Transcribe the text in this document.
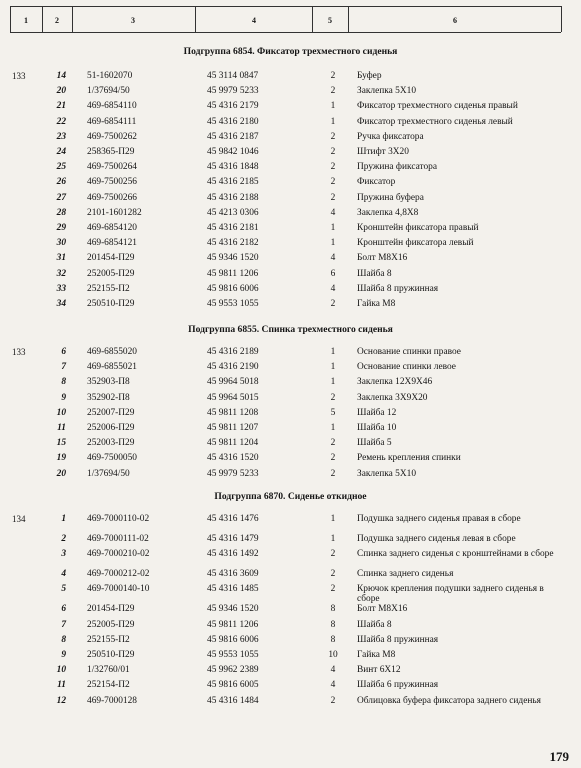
1	2	3	4	5	6
Подгруппа 6854. Фиксатор трехместного сиденья
133	14 51-1602070	45 3114 0847	2	Буфер
20 1/37694/50	45 9979 5233	2	Заклепка 5Х10
21 469-6854110	45 4316 2179	1	Фиксатор трехместного сиденья правый
22 469-6854111	45 4316 2180	1	Фиксатор трехместного сиденья левый
23 469-7500262	45 4316 2187	2	Ручка фиксатора
24 258365-П29	45 9842 1046	2	Штифт 3Х20
25 469-7500264	45 4316 1848	2	Пружина фиксатора
26 469-7500256	45 4316 2185	2	Фиксатор
27 469-7500266	45 4316 2188	2	Пружина буфера
28 2101-1601282	45 4213 0306	4	Заклепка 4,8Х8
29 469-6854120	45 4316 2181	1	Кронштейн фиксатора правый
30 469-6854121	45 4316 2182	1	Кронштейн фиксатора левый
31 201454-П29	45 9346 1520	4	Болт М8Х16
32 252005-П29	45 9811 1206	6	Шайба 8
33 252155-П2	45 9816 6006	4	Шайба 8 пружинная
34 250510-П29	45 9553 1055	2	Гайка М8
Подгруппа 6855. Спинка трехместного сиденья
133	6 469-6855020	45 4316 2189	1	Основание спинки правое
7 469-6855021	45 4316 2190	1	Основание спинки левое
8 352903-П8	45 9964 5018	1	Заклепка 12Х9Х46
9 352902-П8	45 9964 5015	2	Заклепка 3Х9Х20
10 252007-П29	45 9811 1208	5	Шайба 12
11 252006-П29	45 9811 1207	1	Шайба 10
15 252003-П29	45 9811 1204	2	Шайба 5
19 469-7500050	45 4316 1520	2	Ремень крепления спинки
20 1/37694/50	45 9979 5233	2	Заклепка 5Х10
Подгруппа 6870. Сиденье откидное
134	1 469-7000110-02	45 4316 1476	1	Подушка заднего сиденья правая в сборе
2 469-7000111-02	45 4316 1479	1	Подушка заднего сиденья левая в сборе
3 469-7000210-02	45 4316 1492	2	Спинка заднего сиденья с кронштейнами в сборе
4 469-7000212-02	45 4316 3609	2	Спинка заднего сиденья
5 469-7000140-10	45 4316 1485	2	Крючок крепления подушки заднего сиденья в сборе
6 201454-П29	45 9346 1520	8	Болт М8Х16
7 252005-П29	45 9811 1206	8	Шайба 8
8 252155-П2	45 9816 6006	8	Шайба 8 пружинная
9 250510-П29	45 9553 1055	10	Гайка М8
10 1/32760/01	45 9962 2389	4	Винт 6Х12
11 252154-П2	45 9816 6005	4	Шайба 6 пружинная
12 469-7000128	45 4316 1484	2	Облицовка буфера фиксатора заднего сиденья
179
